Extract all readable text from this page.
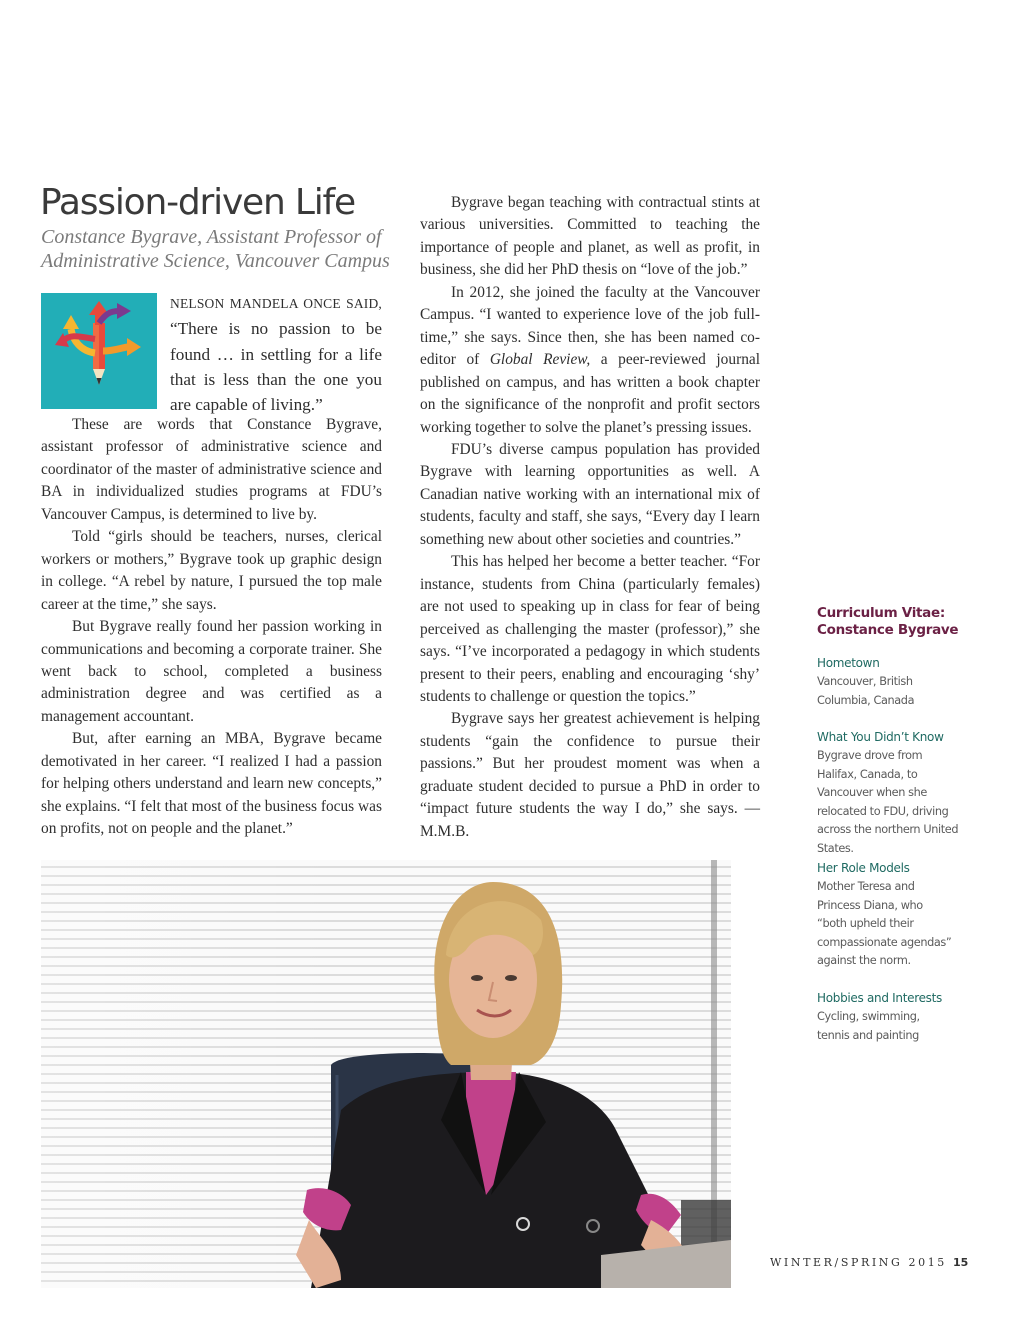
Passion-driven Life

Constance Bygrave, Assistant Professor of Administrative Science, Vancouver Campus

NELSON MANDELA ONCE SAID, “There is no passion to be found … in settling for a life that is less than the one you are capable of living.”

These are words that Constance Bygrave, assistant professor of administrative science and coordinator of the master of administrative science and BA in individualized studies programs at FDU’s Vancouver Campus, is determined to live by.

Told “girls should be teachers, nurses, clerical workers or mothers,” Bygrave took up graphic design in college. “A rebel by nature, I pursued the top male career at the time,” she says.

But Bygrave really found her passion working in communications and becoming a corporate trainer. She went back to school, completed a business administration degree and was certified as a management accountant.

But, after earning an MBA, Bygrave became demotivated in her career. “I realized I had a passion for helping others understand and learn new concepts,” she explains. “I felt that most of the business focus was on profits, not on people and the planet.”

Bygrave began teaching with contractual stints at various universities. Committed to teaching the importance of people and planet, as well as profit, in business, she did her PhD thesis on “love of the job.”

In 2012, she joined the faculty at the Vancouver Campus. “I wanted to experience love of the job full-time,” she says. Since then, she has been named co-editor of Global Review, a peer-reviewed journal published on campus, and has written a book chapter on the significance of the nonprofit and profit sectors working together to solve the planet’s pressing issues.

FDU’s diverse campus population has provided Bygrave with learning opportunities as well. A Canadian native working with an international mix of students, faculty and staff, she says, “Every day I learn something new about other societies and countries.”

This has helped her become a better teacher. “For instance, students from China (particularly females) are not used to speaking up in class for fear of being perceived as challenging the master (professor),” she says. “I’ve incorporated a pedagogy in which students present to their peers, enabling and encouraging ‘shy’ students to challenge or question the topics.”

Bygrave says her greatest achievement is helping students “gain the confidence to pursue their passions.” But her proudest moment was when a graduate student decided to pursue a PhD in order to “impact future students the way I do,” she says. — M.M.B.

Curriculum Vitae:
Constance Bygrave

Hometown

Vancouver, British Columbia, Canada

What You Didn’t Know

Bygrave drove from Halifax, Canada, to Vancouver when she relocated to FDU, driving across the northern United States.

Her Role Models

Mother Teresa and Princess Diana, who “both upheld their compassionate agendas” against the norm.

Hobbies and Interests

Cycling, swimming, tennis and painting

WINTER/SPRING 2015 15
